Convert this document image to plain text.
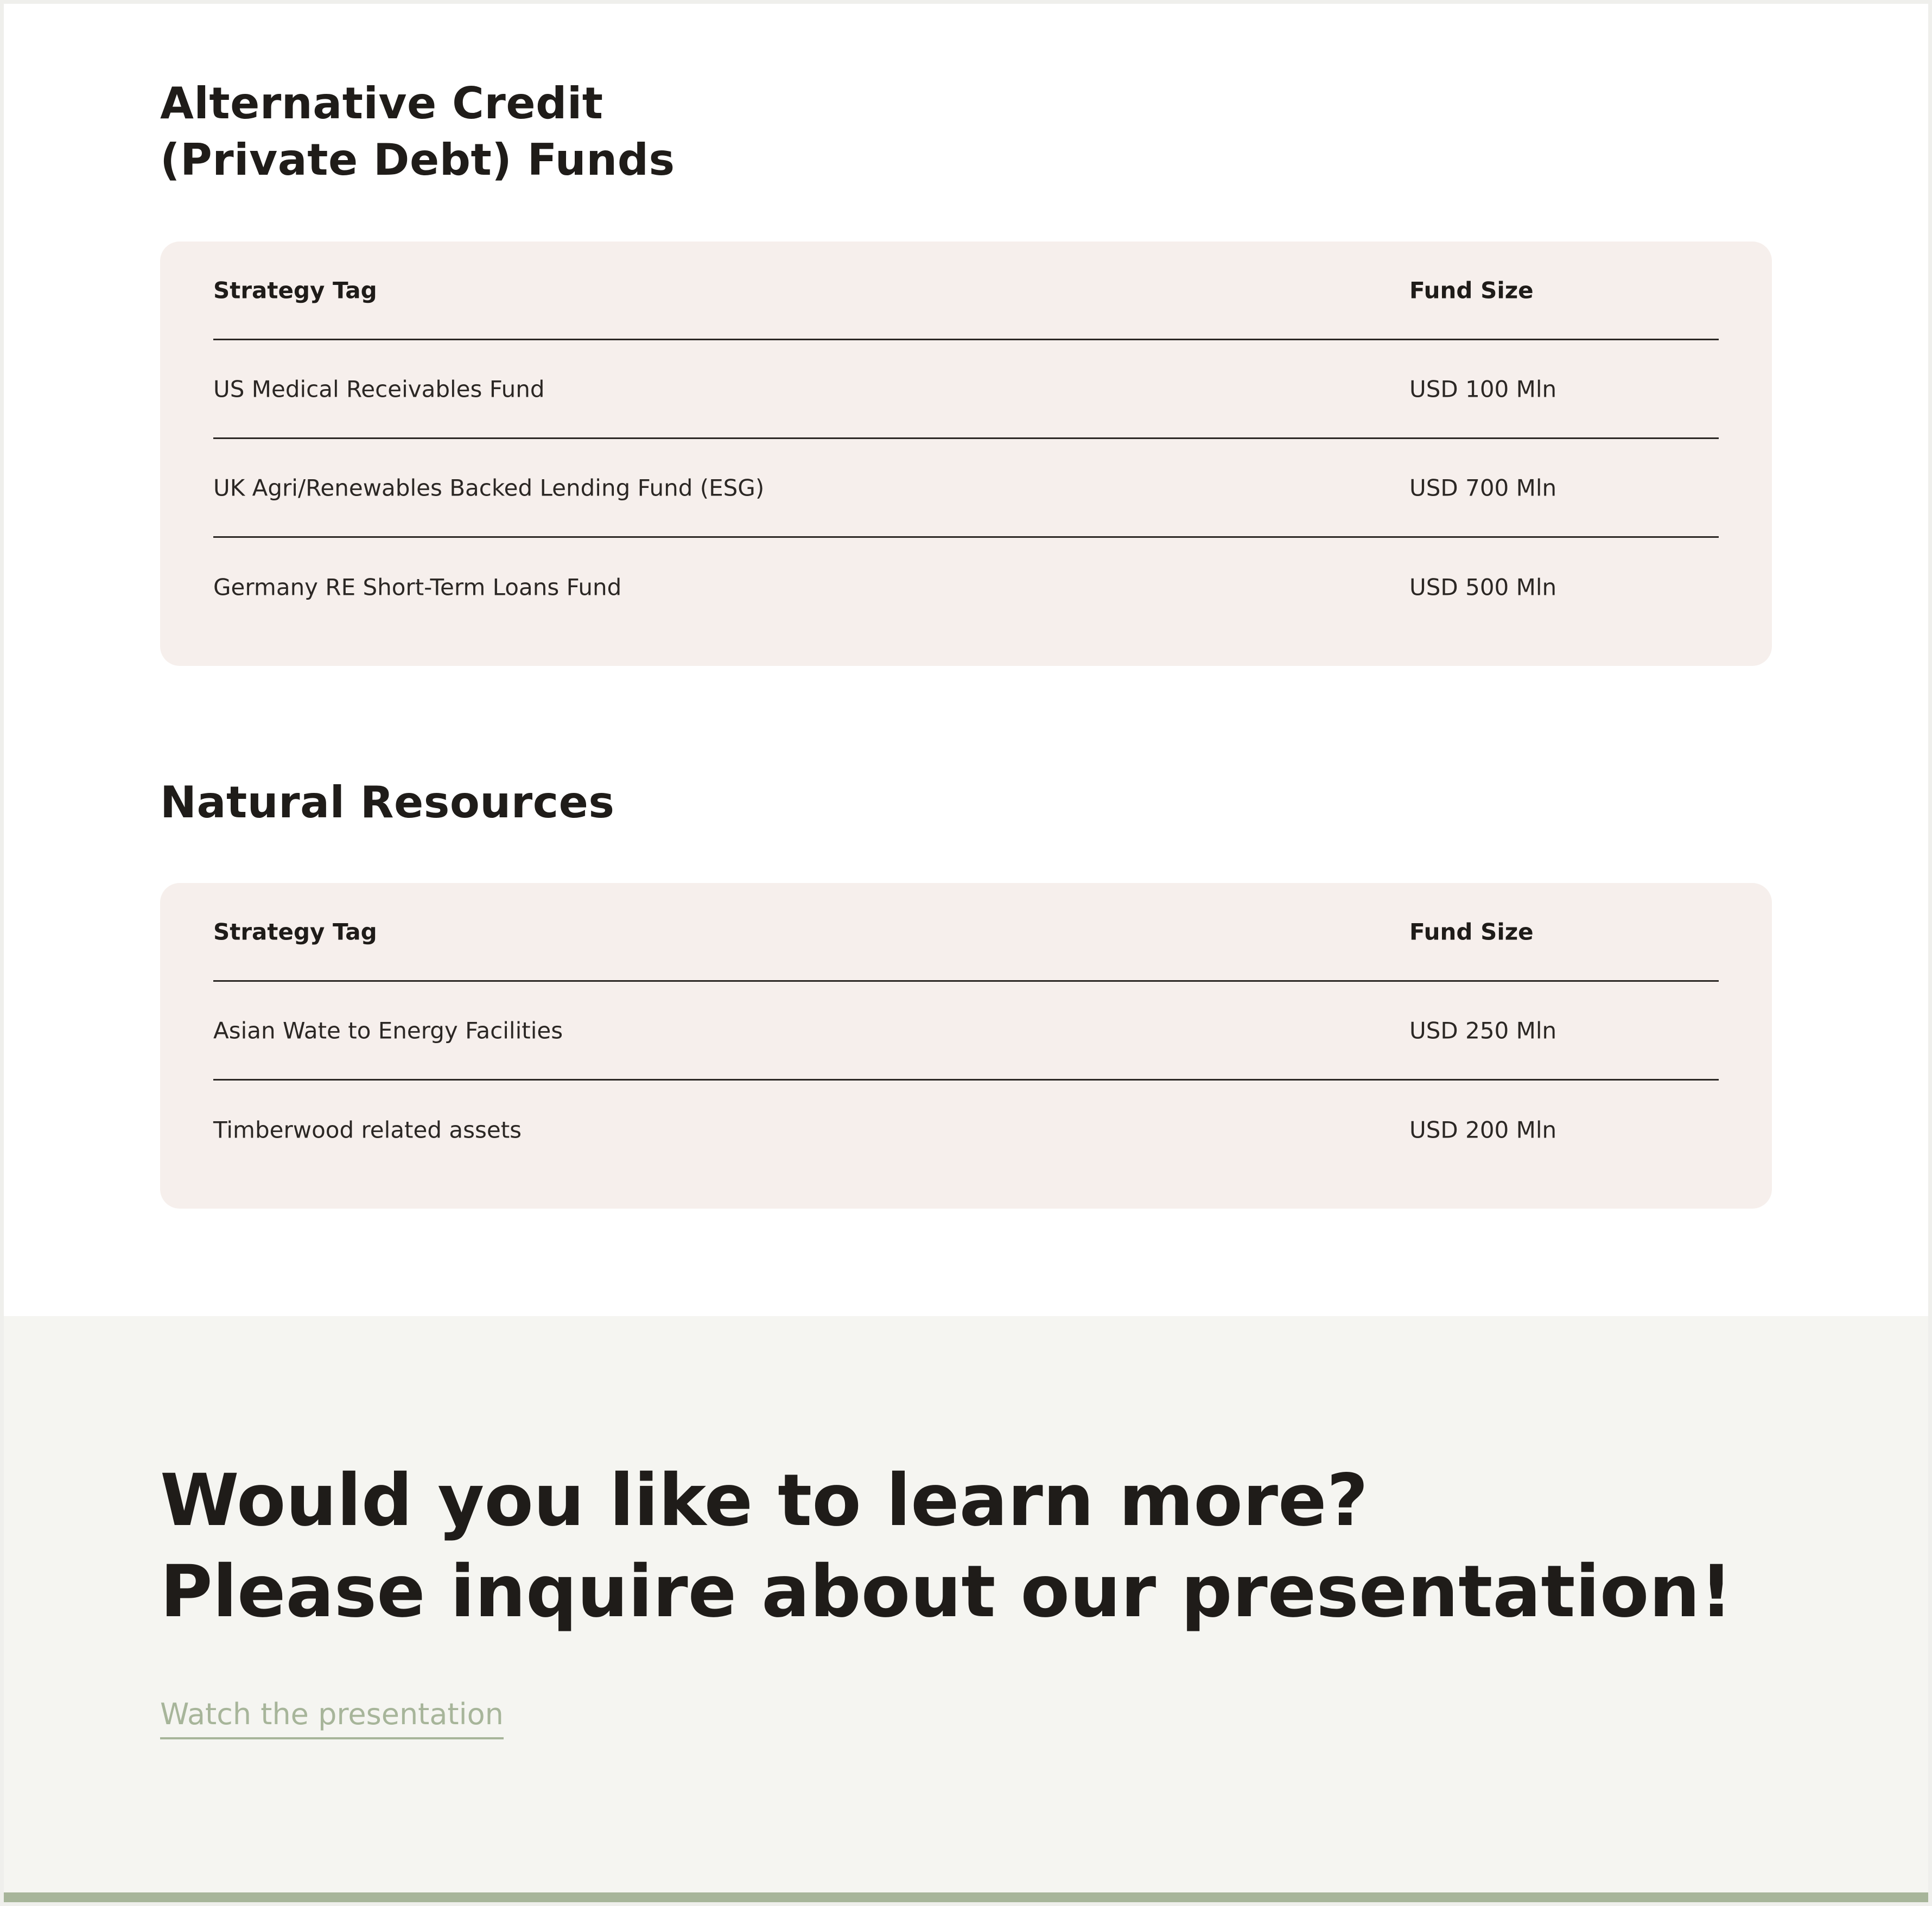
Alternative Credit
(Private Debt) Funds
Strategy Tag	Fund Size
US Medical Receivables Fund	USD 100 Mln
UK Agri/Renewables Backed Lending Fund (ESG)	USD 700 Mln
Germany RE Short-Term Loans Fund	USD 500 Mln
Natural Resources
Strategy Tag	Fund Size
Asian Wate to Energy Facilities	USD 250 Mln
Timberwood related assets	USD 200 Mln
Would you like to learn more?
Please inquire about our presentation!
Watch the presentation
